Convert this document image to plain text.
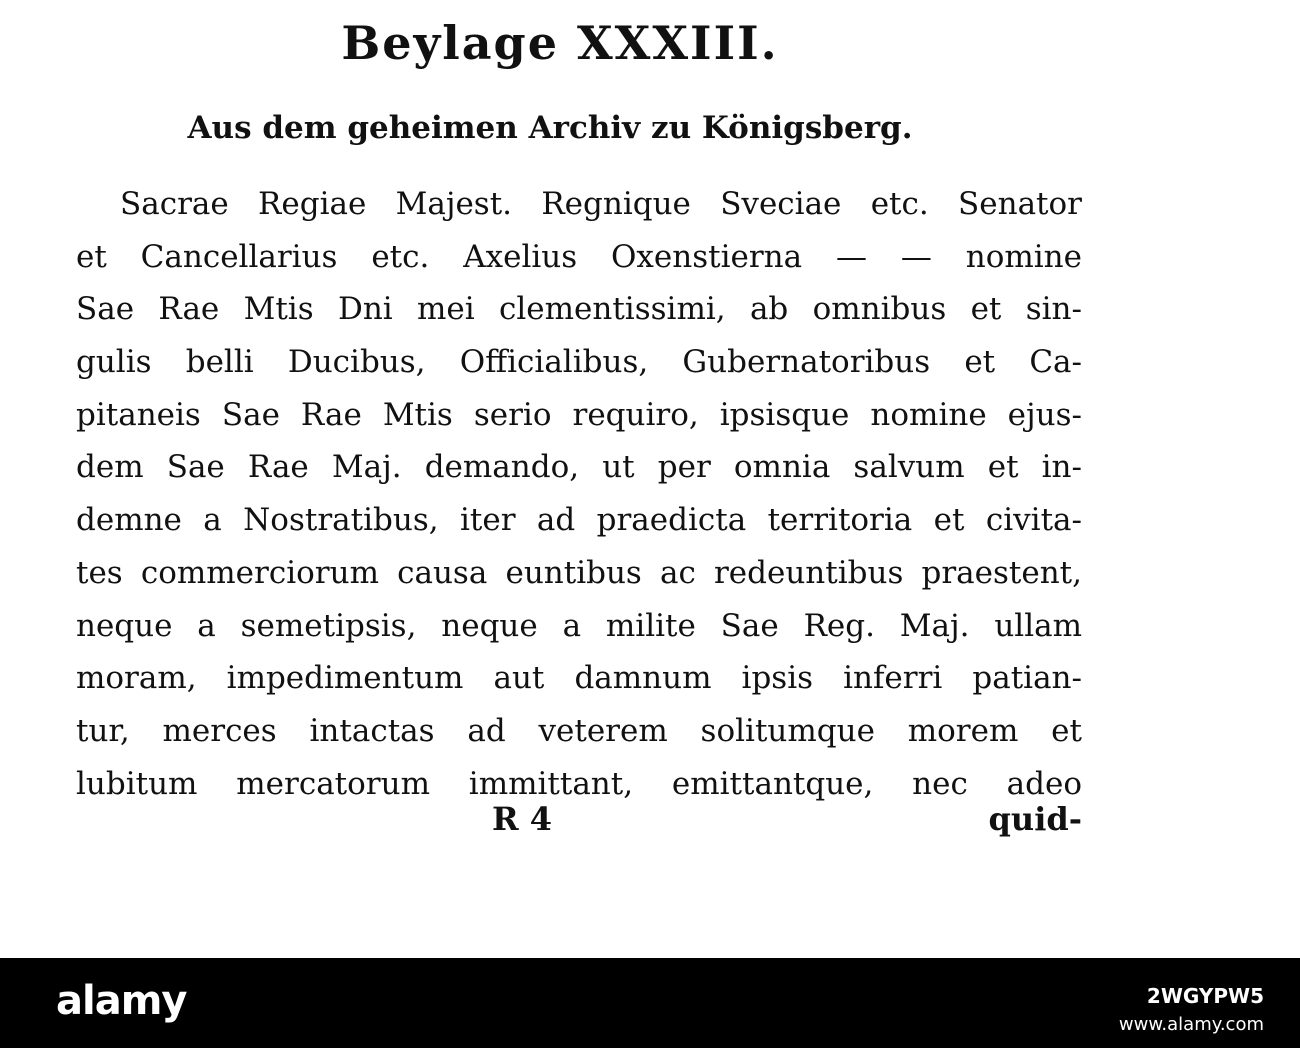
Beylage XXXIII.
Aus dem geheimen Archiv zu Königsberg.
Sacrae Regiae Majest. Regnique Sveciae etc. Senator
et Cancellarius etc. Axelius Oxenstierna — — nomine
Sae Rae Mtis Dni mei clementissimi, ab omnibus et sin-
gulis belli Ducibus, Officialibus, Gubernatoribus et Ca-
pitaneis Sae Rae Mtis serio requiro, ipsisque nomine ejus-
dem Sae Rae Maj. demando, ut per omnia salvum et in-
demne a Nostratibus, iter ad praedicta territoria et civita-
tes commerciorum causa euntibus ac redeuntibus praestent,
neque a semetipsis, neque a milite Sae Reg. Maj. ullam
moram, impedimentum aut damnum ipsis inferri patian-
tur, merces intactas ad veterem solitumque morem et
lubitum mercatorum immittant, emittantque, nec adeo
R 4	quid-
alamy	2WGYPW5
www.alamy.com
